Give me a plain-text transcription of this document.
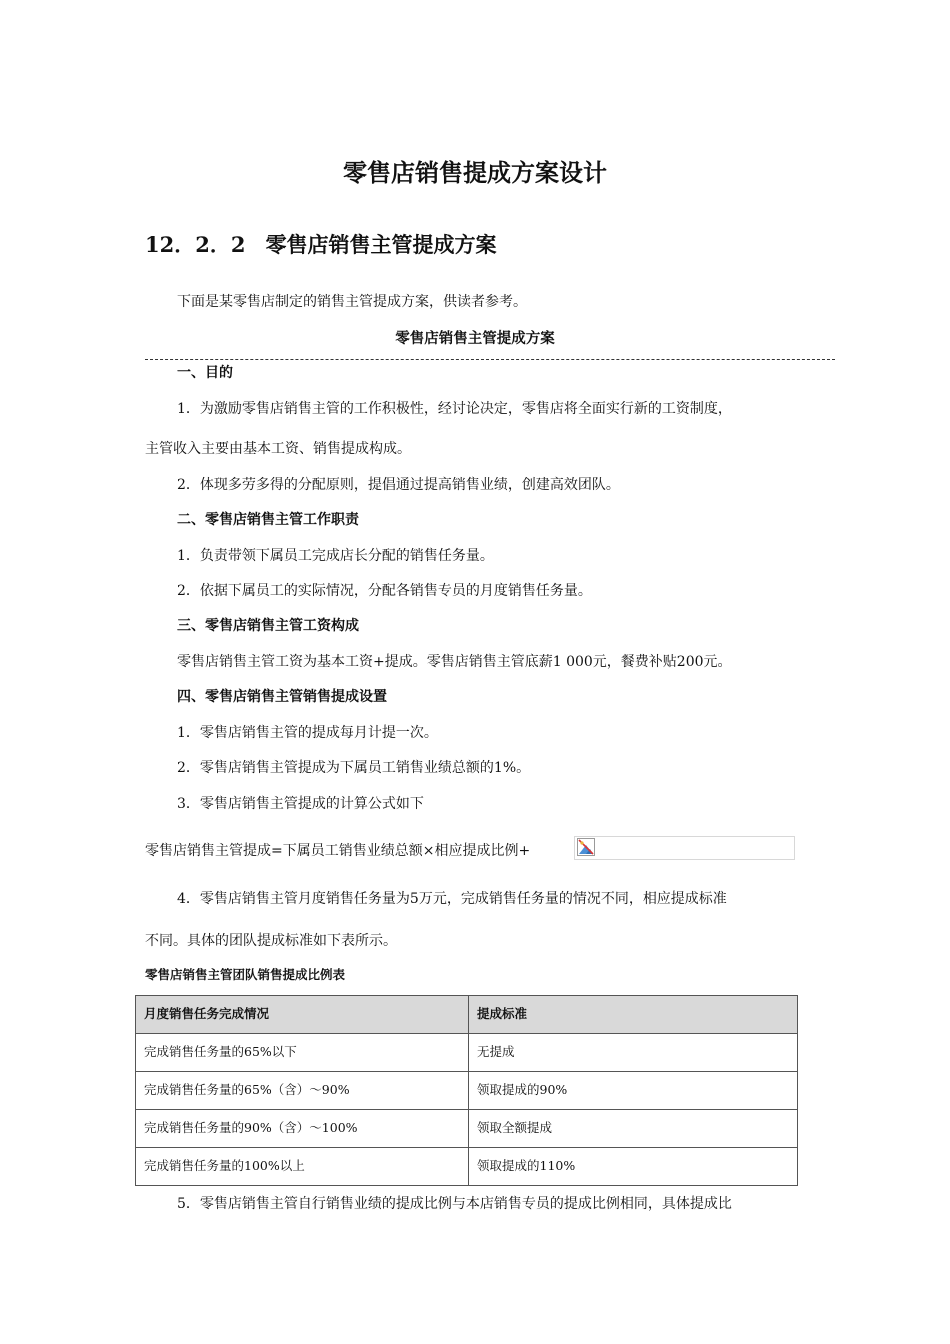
零售店销售提成方案设计
12．2．2 零售店销售主管提成方案
下面是某零售店制定的销售主管提成方案，供读者参考。
零售店销售主管提成方案
一、目的
1．为激励零售店销售主管的工作积极性，经讨论决定，零售店将全面实行新的工资制度，
主管收入主要由基本工资、销售提成构成。
2．体现多劳多得的分配原则，提倡通过提高销售业绩，创建高效团队。
二、零售店销售主管工作职责
1．负责带领下属员工完成店长分配的销售任务量。
2．依据下属员工的实际情况，分配各销售专员的月度销售任务量。
三、零售店销售主管工资构成
零售店销售主管工资为基本工资+提成。零售店销售主管底薪1 000元，餐费补贴200元。
四、零售店销售主管销售提成设置
1．零售店销售主管的提成每月计提一次。
2．零售店销售主管提成为下属员工销售业绩总额的1%。
3．零售店销售主管提成的计算公式如下
零售店销售主管提成=下属员工销售业绩总额×相应提成比例+
4．零售店销售主管月度销售任务量为5万元，完成销售任务量的情况不同，相应提成标准
不同。具体的团队提成标准如下表所示。
零售店销售主管团队销售提成比例表
月度销售任务完成情况	提成标准
完成销售任务量的65%以下	无提成
完成销售任务量的65%（含）～90%	领取提成的90%
完成销售任务量的90%（含）～100%	领取全额提成
完成销售任务量的100%以上	领取提成的110%
5．零售店销售主管自行销售业绩的提成比例与本店销售专员的提成比例相同，具体提成比
